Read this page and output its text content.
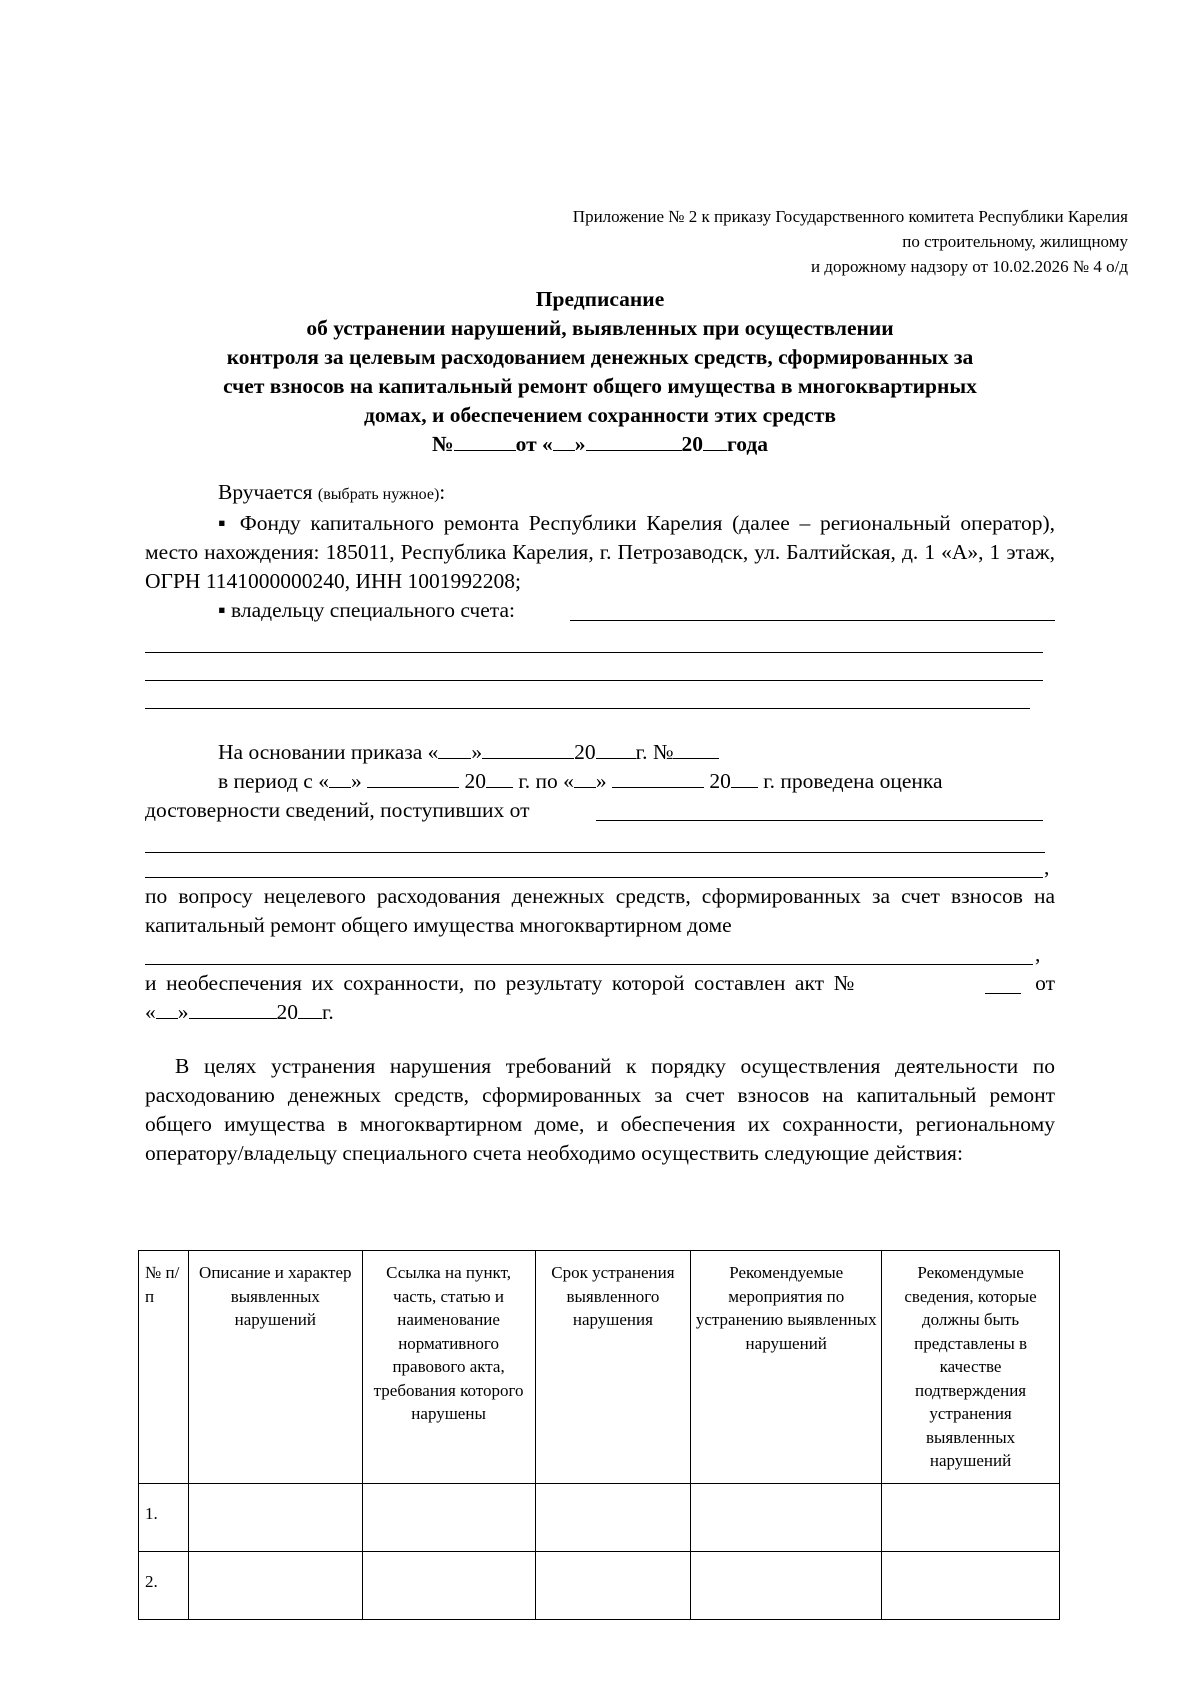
Приложение № 2 к приказу Государственного комитета Республики Карелия
по строительному, жилищному
и дорожному надзору от 10.02.2026 № 4 о/д
Предписание
об устранении нарушений, выявленных при осуществлении
контроля за целевым расходованием денежных средств, сформированных за
счет взносов на капитальный ремонт общего имущества в многоквартирных
домах, и обеспечением сохранности этих средств
№	от « »	20 года
Вручается (выбрать нужное):
▪ Фонду капитального ремонта Республики Карелия (далее – региональный оператор), место нахождения: 185011, Республика Карелия, г. Петрозаводск, ул. Балтийская, д. 1 «А», 1 этаж, ОГРН 1141000000240, ИНН 1001992208;
▪ владельцу специального счета:
На основании приказа « »	20 г. №
в период с « »	20 г. по « »	20 г. проведена оценка
достоверности сведений, поступивших от
,
по вопросу нецелевого расходования денежных средств, сформированных за счет взносов на капитальный ремонт общего имущества многоквартирном доме
,
и необеспечения их сохранности, по результату которой составлен акт №	от
« »	20 г.
В целях устранения нарушения требований к порядку осуществления деятельности по расходованию денежных средств, сформированных за счет взносов на капитальный ремонт общего имущества в многоквартирном доме, и обеспечения их сохранности, региональному оператору/владельцу специального счета необходимо осуществить следующие действия:
№ п/п	Описание и характер выявленных нарушений	Ссылка на пункт, часть, статью и наименование нормативного правового акта, требования которого нарушены	Срок устранения выявленного нарушения	Рекомендуемые мероприятия по устранению выявленных нарушений	Рекомендумые сведения, которые должны быть представлены в качестве подтверждения устранения выявленных нарушений
1.					
2.					
